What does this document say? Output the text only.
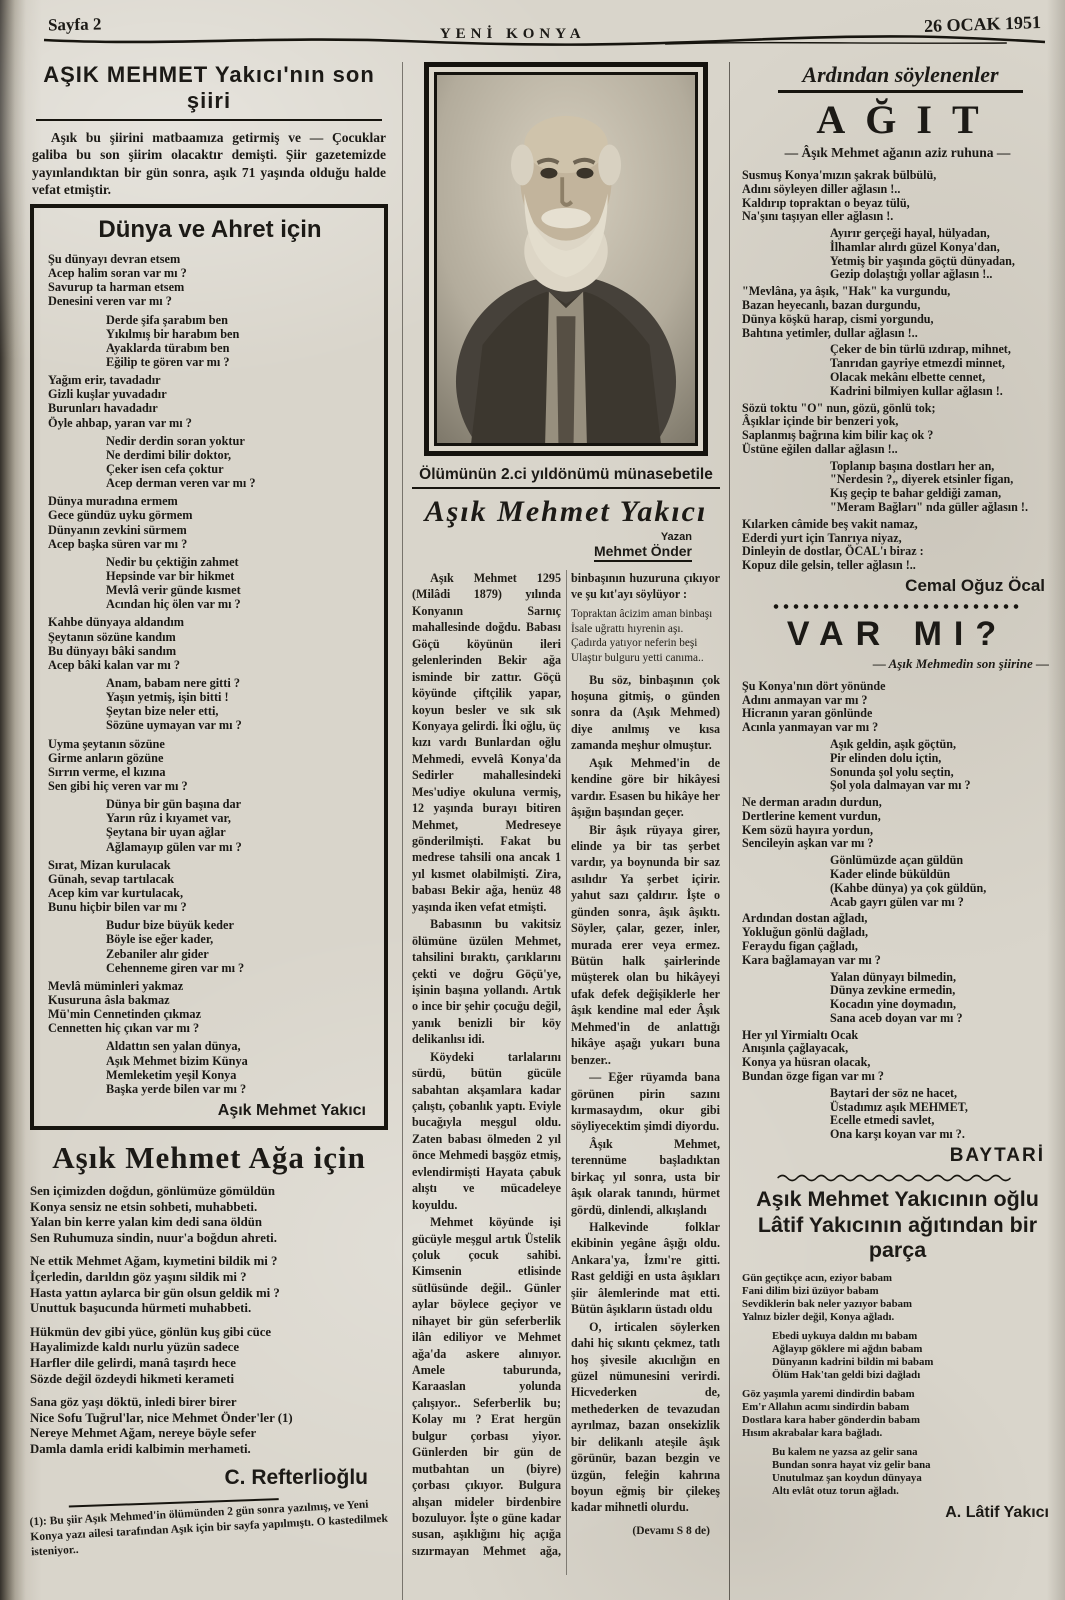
Sayfa 2	YENİ KONYA	26 OCAK 1951
AŞIK MEHMET Yakıcı'nın son şiiri

Aşık bu şiirini matbaamıza getirmiş ve — Çocuklar galiba bu son şiirim olacaktır demişti. Şiir gazetemizde yayınlandıktan bir gün sonra, aşık 71 yaşında olduğu halde vefat etmiştir.

Dünya ve Ahret için
Şu dünyayı devran etsem
Acep halim soran var mı ?
Savurup ta harman etsem
Denesini veren var mı ?
Derde şifa şarabım ben
Yıkılmış bir harabım ben
Ayaklarda türabım ben
Eğilip te gören var mı ?
Yağım erir, tavadadır
Gizli kuşlar yuvadadır
Burunları havadadır
Öyle ahbap, yaran var mı ?
Nedir derdin soran yoktur
Ne derdimi bilir doktor,
Çeker isen cefa çoktur
Acep derman veren var mı ?
Dünya muradına ermem
Gece gündüz uyku görmem
Dünyanın zevkini sürmem
Acep başka süren var mı ?
Nedir bu çektiğin zahmet
Hepsinde var bir hikmet
Mevlâ verir günde kısmet
Acından hiç ölen var mı ?
Kahbe dünyaya aldandım
Şeytanın sözüne kandım
Bu dünyayı bâki sandım
Acep bâki kalan var mı ?
Anam, babam nere gitti ?
Yaşın yetmiş, işin bitti !
Şeytan bize neler etti,
Sözüne uymayan var mı ?
Uyma şeytanın sözüne
Girme anların gözüne
Sırrın verme, el kızına
Sen gibi hiç veren var mı ?
Dünya bir gün başına dar
Yarın rûz i kıyamet var,
Şeytana bir uyan ağlar
Ağlamayıp gülen var mı ?
Sırat, Mizan kurulacak
Günah, sevap tartılacak
Acep kim var kurtulacak,
Bunu hiçbir bilen var mı ?
Budur bize büyük keder
Böyle ise eğer kader,
Zebaniler alır gider
Cehenneme giren var mı ?
Mevlâ müminleri yakmaz
Kusuruna âsla bakmaz
Mü'min Cennetinden çıkmaz
Cennetten hiç çıkan var mı ?
Aldattın sen yalan dünya,
Aşık Mehmet bizim Künya
Memleketim yeşil Konya
Başka yerde bilen var mı ?
Aşık Mehmet Yakıcı
Aşık Mehmet Ağa için
Sen içimizden doğdun, gönlümüze gömüldün
Konya sensiz ne etsin sohbeti, muhabbeti.
Yalan bin kerre yalan kim dedi sana öldün
Sen Ruhumuza sindin, nuur'a boğdun ahreti.
Ne ettik Mehmet Ağam, kıymetini bildik mi ?
İçerledin, darıldın göz yaşını sildik mi ?
Hasta yattın aylarca bir gün olsun geldik mi ?
Unuttuk başucunda hürmeti muhabbeti.
Hükmün dev gibi yüce, gönlün kuş gibi cüce
Hayalimizde kaldı nurlu yüzün sadece
Harfler dile gelirdi, manâ taşırdı hece
Sözde değil özdeydi hikmeti kerameti
Sana göz yaşı döktü, inledi birer birer
Nice Sofu Tuğrul'lar, nice Mehmet Önder'ler (1)
Nereye Mehmet Ağam, nereye böyle sefer
Damla damla eridi kalbimin merhameti.
C. Refterlioğlu
(1): Bu şiir Aşık Mehmed'in ölümünden 2 gün sonra yazılmış, ve Yeni Konya yazı ailesi tarafından Aşık için bir sayfa yapılmıştı. O kastedilmek isteniyor..
Ölümünün 2.ci yıldönümü münasebetile
Aşık Mehmet Yakıcı
Yazan
Mehmet Önder

Aşık Mehmet 1295 (Milâdi 1879) yılında Konyanın Sarnıç mahallesinde doğdu. Babası Göçü köyünün ileri gelenlerinden Bekir ağa isminde bir zattır. Göçü köyünde çiftçilik yapar, koyun besler ve sık sık Konyaya gelirdi. İki oğlu, üç kızı vardı Bunlardan oğlu Mehmedi, evvelâ Konya'da Sedirler mahallesindeki Mes'udiye okuluna vermiş, 12 yaşında burayı bitiren Mehmet, Medreseye gönderilmişti. Fakat bu medrese tahsili ona ancak 1 yıl kısmet olabilmişti. Zira, babası Bekir ağa, henüz 48 yaşında iken vefat etmişti.

Babasının bu vakitsiz ölümüne üzülen Mehmet, tahsilini bıraktı, çarıklarını çekti ve doğru Göçü'ye, işinin başına yollandı. Artık o ince bir şehir çocuğu değil, yanık benizli bir köy delikanlısı idi.

Köydeki tarlalarını sürdü, bütün gücüle sabahtan akşamlara kadar çalıştı, çobanlık yaptı. Eviyle bucağıyla meşgul oldu. Zaten babası ölmeden 2 yıl önce Mehmedi başgöz etmiş, evlendirmişti Hayata çabuk alıştı ve mücadeleye koyuldu.

Mehmet köyünde işi gücüyle meşgul artık Üstelik çoluk çocuk sahibi. Kimsenin etlisinde sütlüsünde değil.. Günler aylar böylece geçiyor ve nihayet bir gün seferberlik ilân ediliyor ve Mehmet ağa'da askere alınıyor. Amele taburunda, Karaaslan yolunda çalışıyor.. Seferberlik bu; Kolay mı ? Erat hergün bulgur çorbası yiyor. Günlerden bir gün de mutbahtan un (biyre) çorbası çıkıyor. Bulgura alışan mideler birdenbire bozuluyor. İşte o güne kadar susan, aşıklığını hiç açığa sızırmayan Mehmet ağa, binbaşının huzuruna çıkıyor ve şu kıt'ayı söylüyor :

Topraktan âcizim aman binbaşı
İsale uğrattı hıyrenin aşı.
Çadırda yatıyor neferin beşi
Ulaştır bulguru yetti canıma..

Bu söz, binbaşının çok hoşuna gitmiş, o günden sonra da (Aşık Mehmed) diye anılmış ve kısa zamanda meşhur olmuştur.

Aşık Mehmed'in de kendine göre bir hikâyesi vardır. Esasen bu hikâye her âşığın başından geçer.

Bir âşık rüyaya girer, elinde ya bir tas şerbet vardır, ya boynunda bir saz asılıdır Ya şerbet içirir. yahut sazı çaldırır. İşte o günden sonra, âşık âşıktı. Söyler, çalar, gezer, inler, murada erer veya ermez. Bütün halk şairlerinde müşterek olan bu hikâyeyi ufak defek değişiklerle her âşık kendine mal eder Âşık Mehmed'in de anlattığı hikâye aşağı yukarı buna benzer..

— Eğer rüyamda bana görünen pirin sazını kırmasaydım, okur gibi söyliyecektim şimdi diyordu.

Âşık Mehmet, terennüme başladıktan birkaç yıl sonra, usta bir âşık olarak tanındı, hürmet gördü, dinlendi, alkışlandı

Halkevinde folklar ekibinin yegâne âşığı oldu. Ankara'ya, İzmı're gitti. Rast geldiği en usta âşıkları şiir âlemlerinde mat etti. Bütün âşıkların üstadı oldu

O, irticalen söylerken dahi hiç sıkıntı çekmez, tatlı hoş şivesile akıcılığın en güzel nümunesini verirdi. Hicvederken de, methederken de tevazudan ayrılmaz, bazan onsekizlik bir delikanlı ateşile âşık görünür, bazan bezgin ve üzgün, feleğin kahrına boyun eğmiş bir çilekeş kadar mihnetli olurdu.

(Devamı S 8 de)
Ardından söylenenler
AĞIT
— Âşık Mehmet ağanın aziz ruhuna —
Susmuş Konya'mızın şakrak bülbülü,
Adını söyleyen diller ağlasın !..
Kaldırıp topraktan o beyaz tülü,
Na'şını taşıyan eller ağlasın !.
Ayırır gerçeği hayal, hülyadan,
İlhamlar alırdı güzel Konya'dan,
Yetmiş bir yaşında göçtü dünyadan,
Gezip dolaştığı yollar ağlasın !..
"Mevlâna, ya âşık, "Hak" ka vurgundu,
Bazan heyecanlı, bazan durgundu,
Dünya köşkü harap, cismi yorgundu,
Bahtına yetimler, dullar ağlasın !..
Çeker de bin türlü ızdırap, mihnet,
Tanrıdan gayriye etmezdi minnet,
Olacak mekânı elbette cennet,
Kadrini bilmiyen kullar ağlasın !.
Sözü toktu "O" nun, gözü, gönlü tok;
Âşıklar içinde bir benzeri yok,
Saplanmış bağrına kim bilir kaç ok ?
Üstüne eğilen dallar ağlasın !..
Toplanıp başına dostları her an,
"Nerdesin ?„ diyerek etsinler figan,
Kış geçip te bahar geldiği zaman,
"Meram Bağları" nda güller ağlasın !.
Kılarken câmide beş vakit namaz,
Ederdi yurt için Tanrıya niyaz,
Dinleyin de dostlar, ÖCAL'ı biraz :
Kopuz dile gelsin, teller ağlasın !..
Cemal Oğuz Öcal
VAR MI?
— Aşık Mehmedin son şiirine —
Şu Konya'nın dört yönünde
Adını anmayan var mı ?
Hicranın yaran gönlünde
Acınla yanmayan var mı ?
Aşık geldin, aşık göçtün,
Pir elinden dolu içtin,
Sonunda şol yolu seçtin,
Şol yola dalmayan var mı ?
Ne derman aradın durdun,
Dertlerine kement vurdun,
Kem sözü hayıra yordun,
Sencileyin aşkan var mı ?
Gönlümüzde açan güldün
Kader elinde büküldün
(Kahbe dünya) ya çok güldün,
Acab gayrı gülen var mı ?
Ardından dostan ağladı,
Yokluğun gönlü dağladı,
Feraydu figan çağladı,
Kara bağlamayan var mı ?
Yalan dünyayı bilmedin,
Dünya zevkine ermedin,
Kocadın yine doymadın,
Sana aceb doyan var mı ?
Her yıl Yirmialtı Ocak
Anışınla çağlayacak,
Konya ya hüsran olacak,
Bundan özge figan var mı ?
Baytari der söz ne hacet,
Üstadımız aşık MEHMET,
Ecelle etmedi savlet,
Ona karşı koyan var mı ?.
BAYTARİ
Aşık Mehmet Yakıcının oğlu Lâtif Yakıcının ağıtından bir parça
Gün geçtikçe acın, eziyor babam
Fani dilim bizi üzüyor babam
Sevdiklerin bak neler yazıyor babam
Yalnız bizler değil, Konya ağladı.
Ebedi uykuya daldın mı babam
Ağlayıp göklere mi ağdın babam
Dünyanın kadrini bildin mi babam
Ölüm Hak'tan geldi bizi dağladı
Göz yaşımla yaremi dindirdin babam
Em'r Allahın acımı sindirdin babam
Dostlara kara haber gönderdin babam
Hısım akrabalar kara bağladı.
Bu kalem ne yazsa az gelir sana
Bundan sonra hayat viz gelir bana
Unutulmaz şan koydun dünyaya
Altı evlât otuz torun ağladı.
A. Lâtif Yakıcı
